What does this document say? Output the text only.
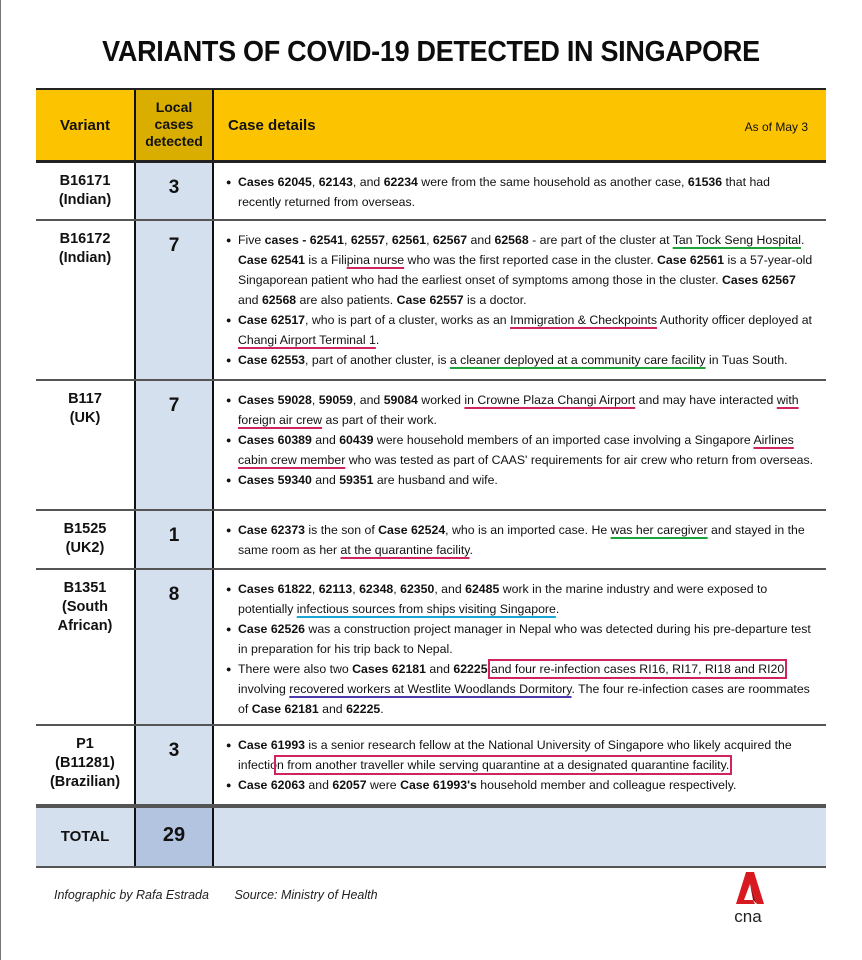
VARIANTS OF COVID-19 DETECTED IN SINGAPORE
Variant
Local cases detected
Case details	As of May 3
B16171
(Indian)
3	● Cases 62045, 62143, and 62234 were from the same household as another case, 61536 that had recently returned from overseas.
B16172
(Indian)
7	● Five cases - 62541, 62557, 62561, 62567 and 62568 - are part of the cluster at Tan Tock Seng Hospital. Case 62541 is a Filipina nurse who was the first reported case in the cluster. Case 62561 is a 57-year-old Singaporean patient who had the earliest onset of symptoms among those in the cluster. Cases 62567 and 62568 are also patients. Case 62557 is a doctor.
● Case 62517, who is part of a cluster, works as an Immigration & Checkpoints Authority officer deployed at Changi Airport Terminal 1.
● Case 62553, part of another cluster, is a cleaner deployed at a community care facility in Tuas South.
B117
(UK)
7	● Cases 59028, 59059, and 59084 worked in Crowne Plaza Changi Airport and may have interacted with foreign air crew as part of their work.
● Cases 60389 and 60439 were household members of an imported case involving a Singapore Airlines cabin crew member who was tested as part of CAAS' requirements for air crew who return from overseas.
● Cases 59340 and 59351 are husband and wife.
B1525
(UK2)
1	● Case 62373 is the son of Case 62524, who is an imported case. He was her caregiver and stayed in the same room as her at the quarantine facility.
B1351
(South
African)
8	● Cases 61822, 62113, 62348, 62350, and 62485 work in the marine industry and were exposed to potentially infectious sources from ships visiting Singapore.
● Case 62526 was a construction project manager in Nepal who was detected during his pre-departure test in preparation for his trip back to Nepal.
● There were also two Cases 62181 and 62225 and four re-infection cases RI16, RI17, RI18 and RI20 involving recovered workers at Westlite Woodlands Dormitory. The four re-infection cases are roommates of Case 62181 and 62225.
P1
(B11281)
(Brazilian)
3	● Case 61993 is a senior research fellow at the National University of Singapore who likely acquired the infection from another traveller while serving quarantine at a designated quarantine facility.
● Case 62063 and 62057 were Case 61993's household member and colleague respectively.
TOTAL	29
Infographic by Rafa Estrada Source: Ministry of Health
cna
